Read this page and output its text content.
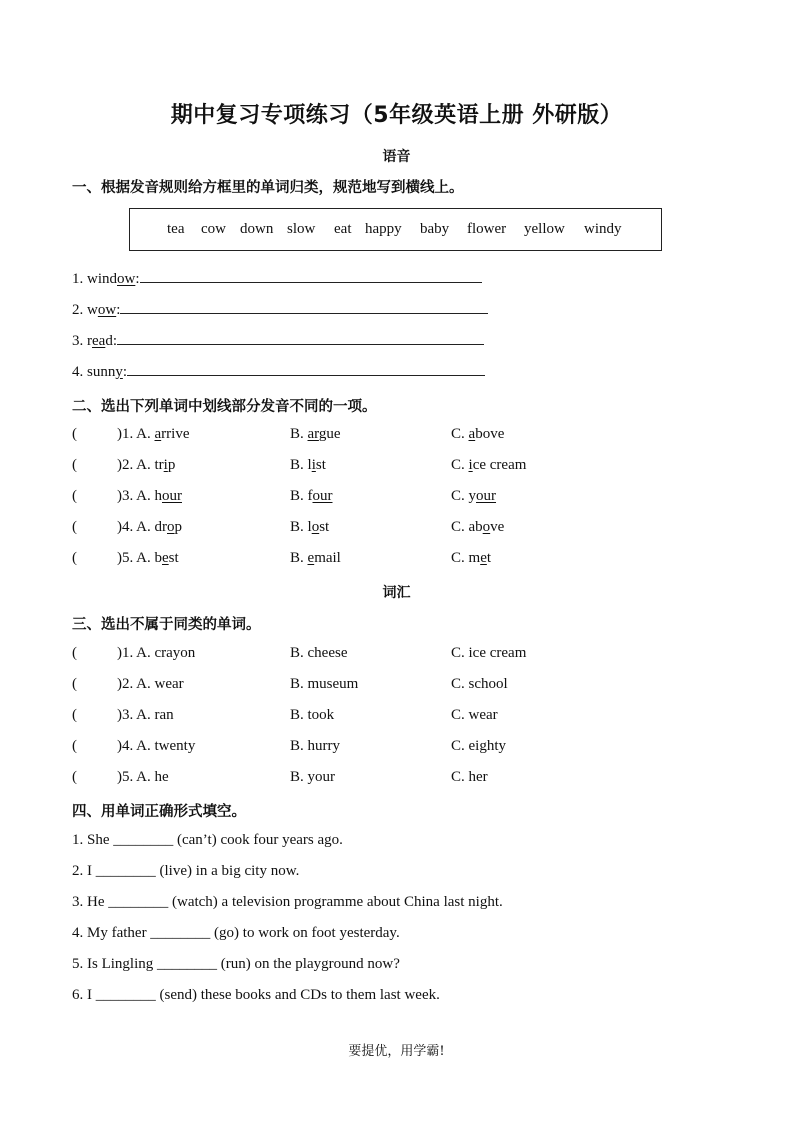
期中复习专项练习（5年级英语上册 外研版）
语音
一、根据发音规则给方框里的单词归类，规范地写到横线上。
tea cow down slow eat happy baby flower yellow windy
1. window:
2. wow:
3. read:
4. sunny:
二、选出下列单词中划线部分发音不同的一项。
(	)1. A. arrive	B. argue	C. above
(	)2. A. trip	B. list	C. ice cream
(	)3. A. hour	B. four	C. your
(	)4. A. drop	B. lost	C. above
(	)5. A. best	B. email	C. met
词汇
三、选出不属于同类的单词。
(	)1. A. crayon	B. cheese	C. ice cream
(	)2. A. wear	B. museum	C. school
(	)3. A. ran	B. took	C. wear
(	)4. A. twenty	B. hurry	C. eighty
(	)5. A. he	B. your	C. her
四、用单词正确形式填空。
1. She ________ (can’t) cook four years ago.
2. I ________ (live) in a big city now.
3. He ________ (watch) a television programme about China last night.
4. My father ________ (go) to work on foot yesterday.
5. Is Lingling ________ (run) on the playground now?
6. I ________ (send) these books and CDs to them last week.
要提优，用学霸!
